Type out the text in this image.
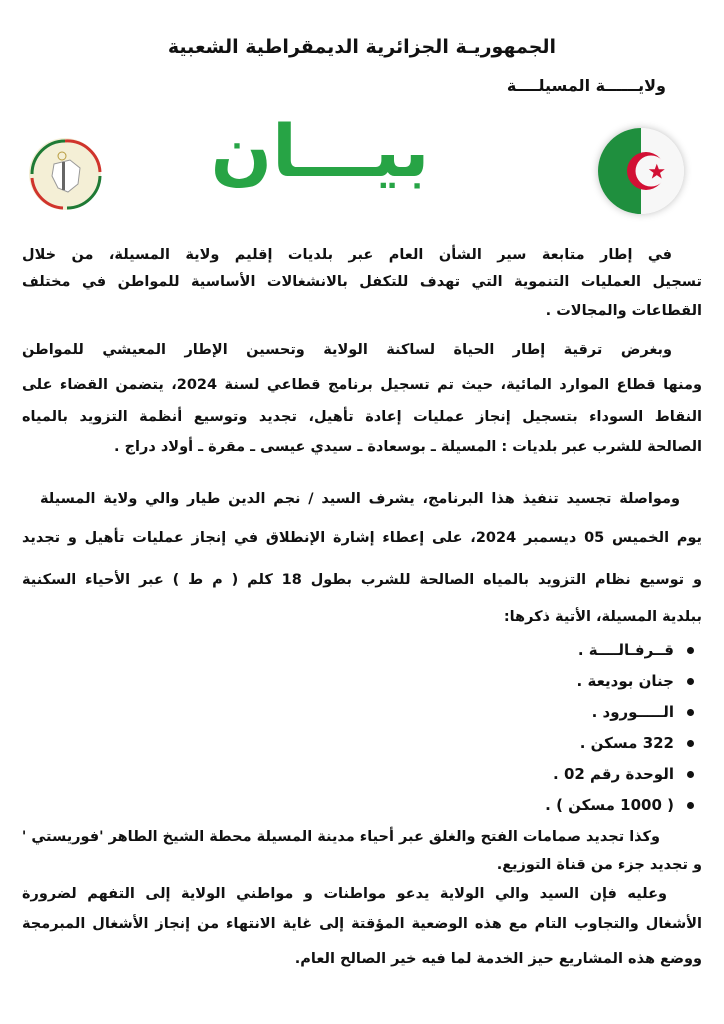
الجمهوريـة الجزائرية الديمقراطية الشعبية
ولايــــــة المسيلــــة
بيـــان
في إطار متابعة سير الشأن العام عبر بلديات إقليم ولاية المسيلة، من خلال
تسجيل العمليات التنموية التي تهدف للتكفل بالانشغالات الأساسية للمواطن في مختلف
القطاعات والمجالات .
وبغرض ترقية إطار الحياة لساكنة الولاية وتحسين الإطار المعيشي للمواطن
ومنها قطاع الموارد المائية، حيث تم تسجيل برنامج قطاعي لسنة 2024، يتضمن القضاء على
النقاط السوداء بتسجيل إنجاز عمليات إعادة تأهيل، تجديد وتوسيع أنظمة التزويد بالمياه
الصالحة للشرب عبر بلديات : المسيلة ـ بوسعادة ـ سيدي عيسى ـ مقرة ـ أولاد دراج .
ومواصلة تجسيد تنفيذ هذا البرنامج، يشرف السيد / نجم الدين طيار والي ولاية المسيلة
يوم الخميس 05 ديسمبر 2024، على إعطاء إشارة الإنطلاق في إنجاز عمليات تأهيل و تجديد
و توسيع نظام التزويد بالمياه الصالحة للشرب بطول 18 كلم ( م ط ) عبر الأحياء السكنية
ببلدية المسيلة، الأتية ذكرها:
قــرفـالــــة .
جنان بوديعة .
الـــــورود .
322 مسكن .
الوحدة رقم 02 .
( 1000 مسكن ) .
وكذا تجديد صمامات الفتح والغلق عبر أحياء مدينة المسيلة محطة الشيخ الطاهر 'فوريستي '
و تجديد جزء من قناة التوزيع.
وعليه فإن السيد والي الولاية يدعو مواطنات و مواطني الولاية إلى التفهم لضرورة
الأشغال والتجاوب التام مع هذه الوضعية المؤقتة إلى غاية الانتهاء من إنجاز الأشغال المبرمجة
ووضع هذه المشاريع حيز الخدمة لما فيه خير الصالح العام.
